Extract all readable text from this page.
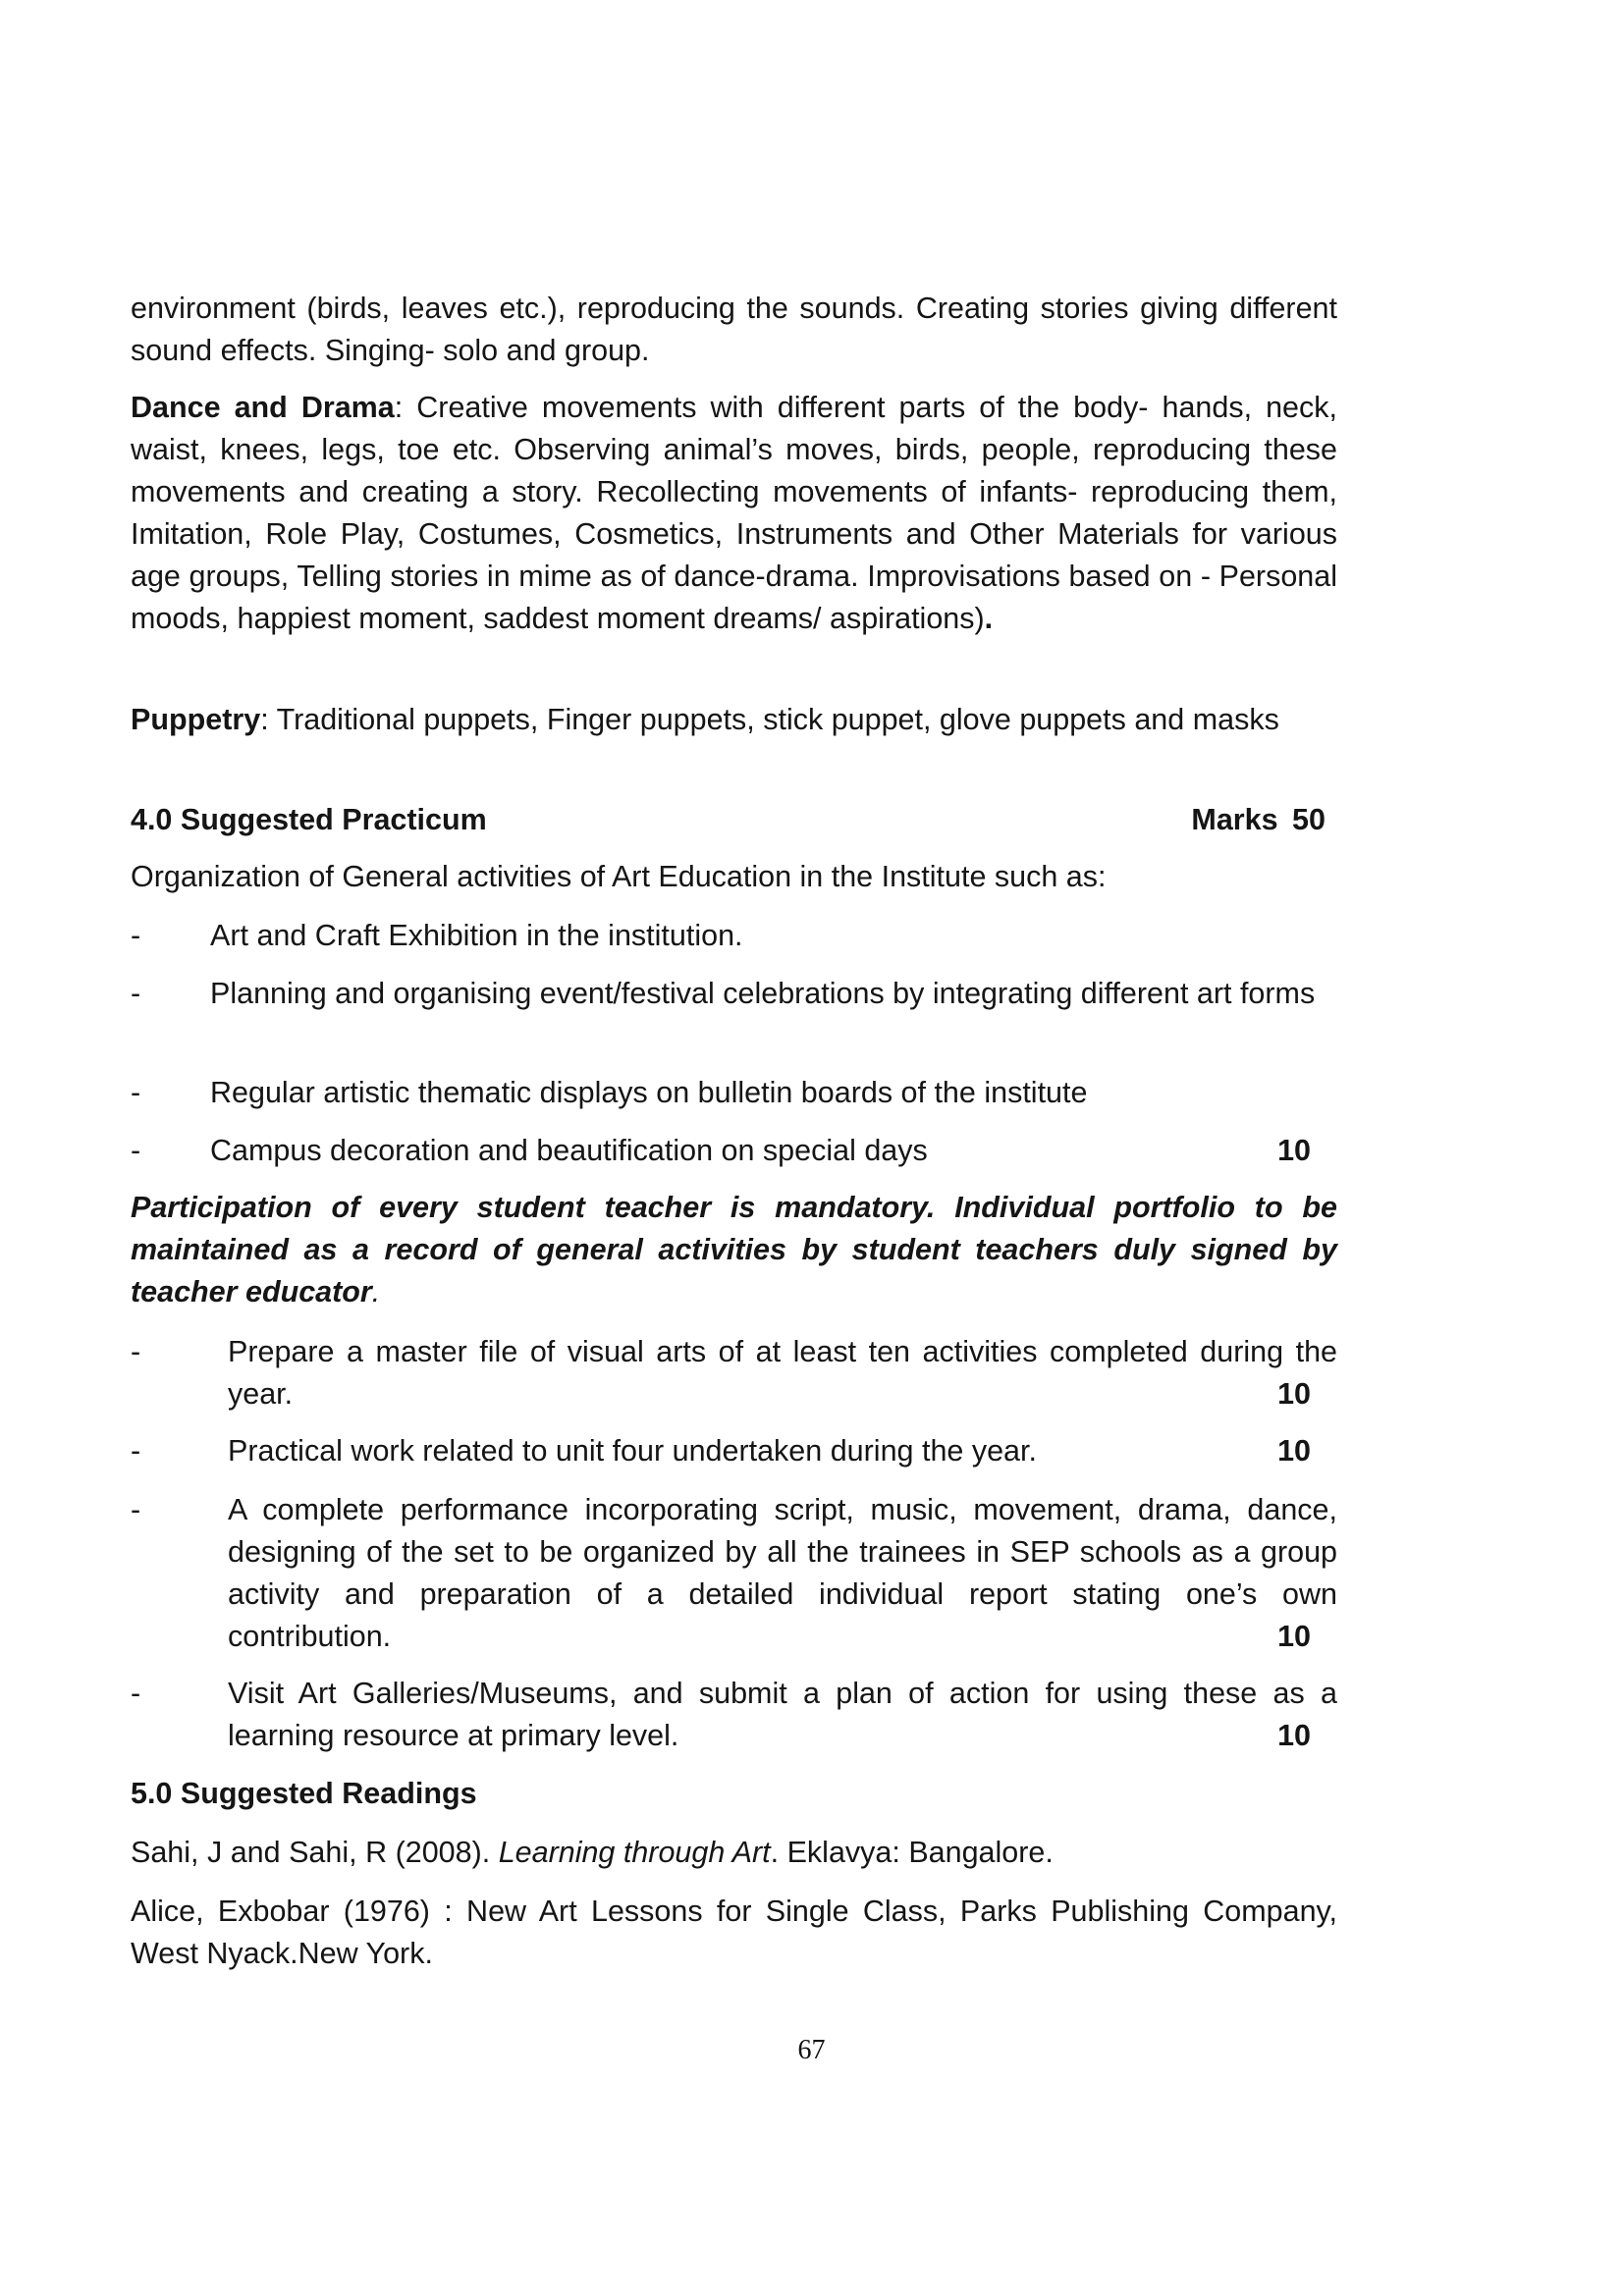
environment (birds, leaves etc.), reproducing the sounds. Creating stories giving different sound effects. Singing- solo and group.
Dance and Drama: Creative movements with different parts of the body- hands, neck, waist, knees, legs, toe etc. Observing animal’s moves, birds, people, reproducing these movements and creating a story. Recollecting movements of infants- reproducing them, Imitation, Role Play, Costumes, Cosmetics, Instruments and Other Materials for various age groups, Telling stories in mime as of dance-drama. Improvisations based on - Personal moods, happiest moment, saddest moment dreams/ aspirations).
Puppetry: Traditional puppets, Finger puppets, stick puppet, glove puppets and masks
4.0 Suggested Practicum	Marks 50
Organization of General activities of Art Education in the Institute such as:
- Art and Craft Exhibition in the institution.
- Planning and organising event/festival celebrations by integrating different art forms
- Regular artistic thematic displays on bulletin boards of the institute
- Campus decoration and beautification on special days	10
Participation of every student teacher is mandatory. Individual portfolio to be maintained as a record of general activities by student teachers duly signed by teacher educator.
-	Prepare a master file of visual arts of at least ten activities completed during the year.	10
-	Practical work related to unit four undertaken during the year.	10
-	A complete performance incorporating script, music, movement, drama, dance, designing of the set to be organized by all the trainees in SEP schools as a group activity and preparation of a detailed individual report stating one’s own contribution.	10
-	Visit Art Galleries/Museums, and submit a plan of action for using these as a learning resource at primary level.	10
5.0 Suggested Readings
Sahi, J and Sahi, R (2008). Learning through Art. Eklavya: Bangalore.
Alice, Exbobar (1976) : New Art Lessons for Single Class, Parks Publishing Company, West Nyack.New York.
67
